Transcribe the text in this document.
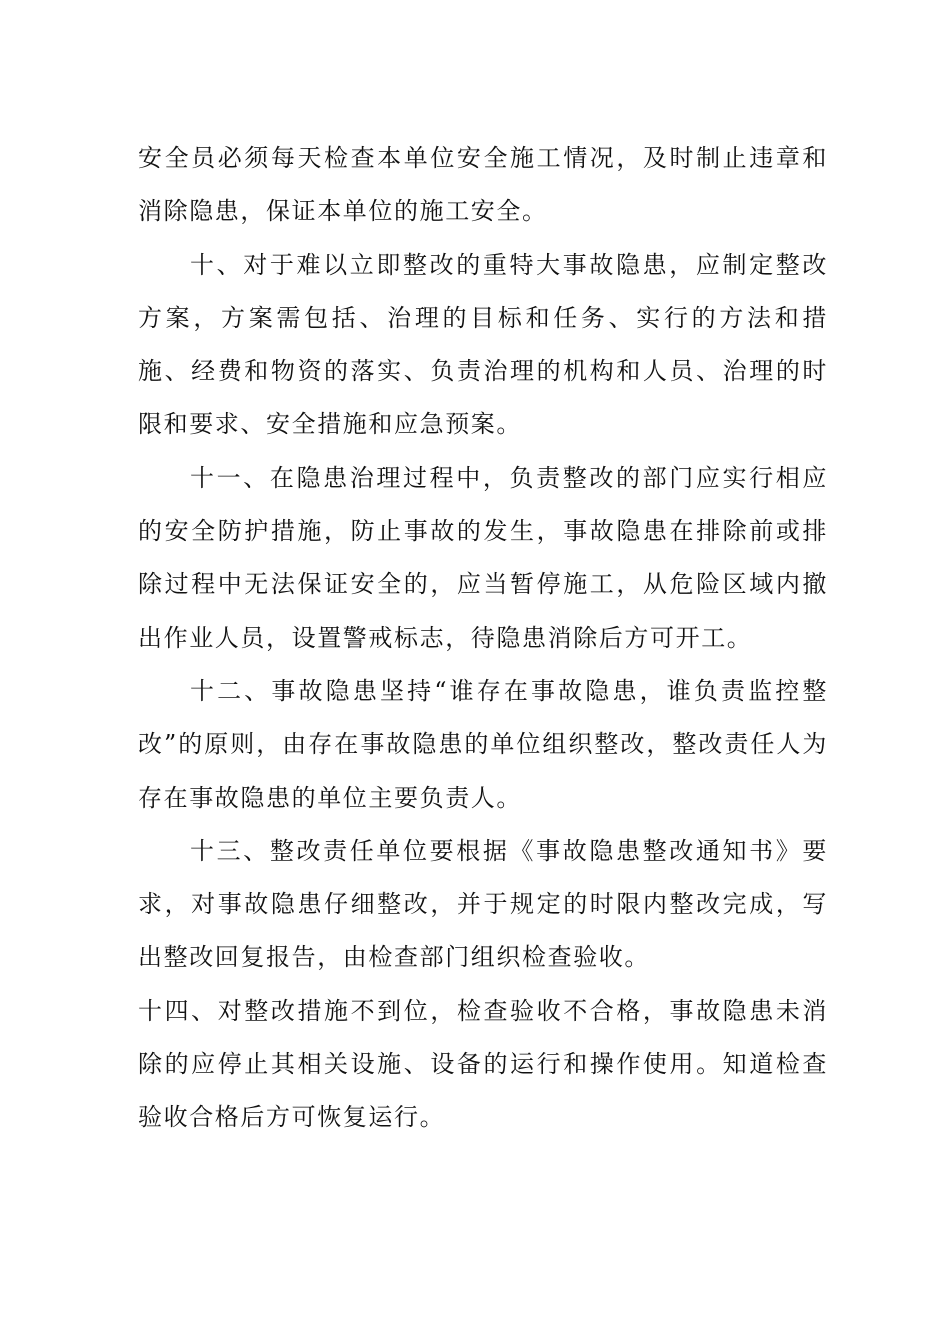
安全员必须每天检查本单位安全施工情况，及时制止违章和消除隐患，保证本单位的施工安全。

十、对于难以立即整改的重特大事故隐患，应制定整改方案，方案需包括、治理的目标和任务、实行的方法和措施、经费和物资的落实、负责治理的机构和人员、治理的时限和要求、安全措施和应急预案。

十一、在隐患治理过程中，负责整改的部门应实行相应的安全防护措施，防止事故的发生，事故隐患在排除前或排除过程中无法保证安全的，应当暂停施工，从危险区域内撤出作业人员，设置警戒标志，待隐患消除后方可开工。

十二、事故隐患坚持“谁存在事故隐患，谁负责监控整改”的原则，由存在事故隐患的单位组织整改，整改责任人为存在事故隐患的单位主要负责人。

十三、整改责任单位要根据《事故隐患整改通知书》要求，对事故隐患仔细整改，并于规定的时限内整改完成，写出整改回复报告，由检查部门组织检查验收。

十四、对整改措施不到位，检查验收不合格，事故隐患未消除的应停止其相关设施、设备的运行和操作使用。知道检查验收合格后方可恢复运行。
